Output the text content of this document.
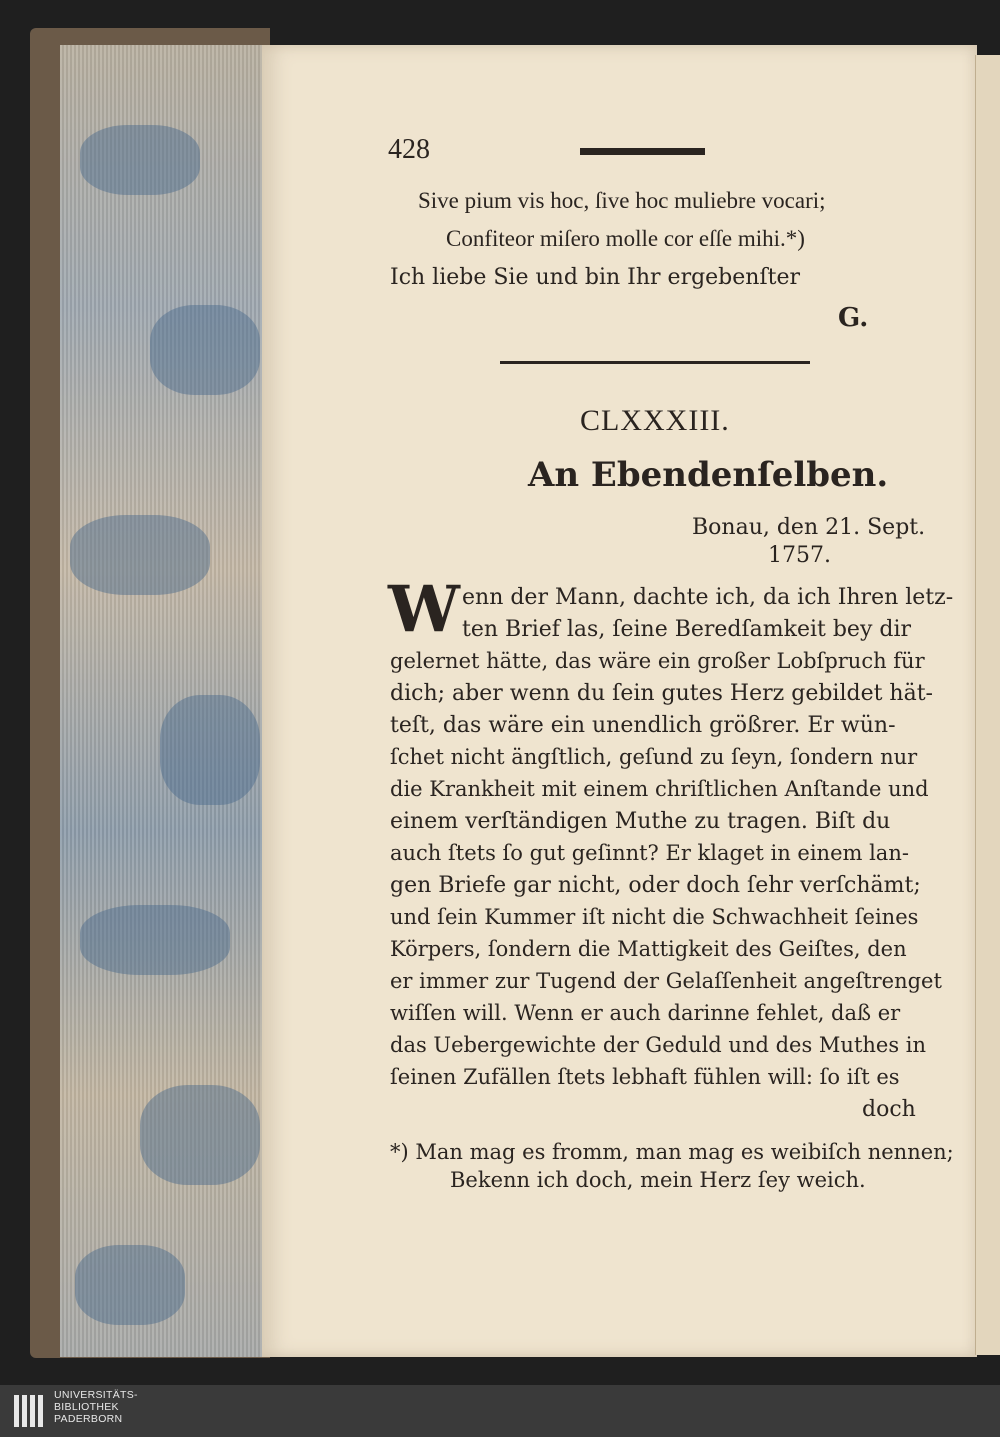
428
Sive pium vis hoc, ſive hoc muliebre vocari;
Confiteor miſero molle cor eſſe mihi.*)
Ich liebe Sie und bin Ihr ergebenſter
G.
CLXXXIII.
An Ebendenſelben.
Bonau, den 21. Sept.
1757.
W enn der Mann, dachte ich, da ich Ihren letz-
ten Brief las, ſeine Beredſamkeit bey dir
gelernet hätte, das wäre ein großer Lobſpruch für
dich; aber wenn du ſein gutes Herz gebildet hät-
teſt, das wäre ein unendlich größrer. Er wün-
ſchet nicht ängſtlich, geſund zu ſeyn, ſondern nur
die Krankheit mit einem chriſtlichen Anſtande und
einem verſtändigen Muthe zu tragen. Biſt du
auch ſtets ſo gut geſinnt? Er klaget in einem lan-
gen Briefe gar nicht, oder doch ſehr verſchämt;
und ſein Kummer iſt nicht die Schwachheit ſeines
Körpers, ſondern die Mattigkeit des Geiſtes, den
er immer zur Tugend der Gelaſſenheit angeſtrenget
wiſſen will. Wenn er auch darinne fehlet, daß er
das Uebergewichte der Geduld und des Muthes in
ſeinen Zufällen ſtets lebhaft fühlen will: ſo iſt es
doch
*) Man mag es fromm, man mag es weibiſch nennen;
Bekenn ich doch, mein Herz ſey weich.
UNIVERSITÄTS-
BIBLIOTHEK
PADERBORN
